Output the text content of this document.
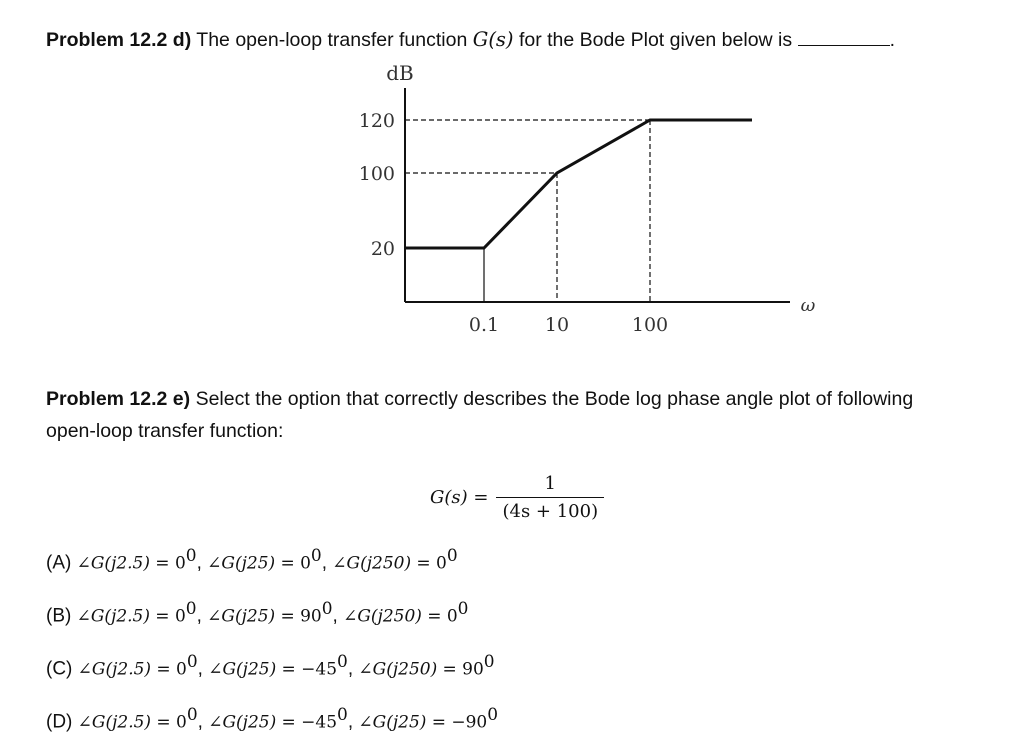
Problem 12.2 d) The open-loop transfer function G(s) for the Bode Plot given below is	.
dB
120
100
20
0.1 10	100
ω
Problem 12.2 e) Select the option that correctly describes the Bode log phase angle plot of following
open-loop transfer function:
$G(s) = \frac{1}{(4s + 100)}$
(A) ∠G(j2.5) = $0^0$, ∠G(j25) = $0^0$, ∠G(j250) = $0^0$
(B) ∠G(j2.5) = $0^0$, ∠G(j25) = $90^0$, ∠G(j250) = $0^0$
(C) ∠G(j2.5) = $0^0$, ∠G(j25) = $-45^0$, ∠G(j250) = $90^0$
(D) ∠G(j2.5) = $0^0$, ∠G(j25) = $-45^0$, ∠G(j25) = $-90^0$
